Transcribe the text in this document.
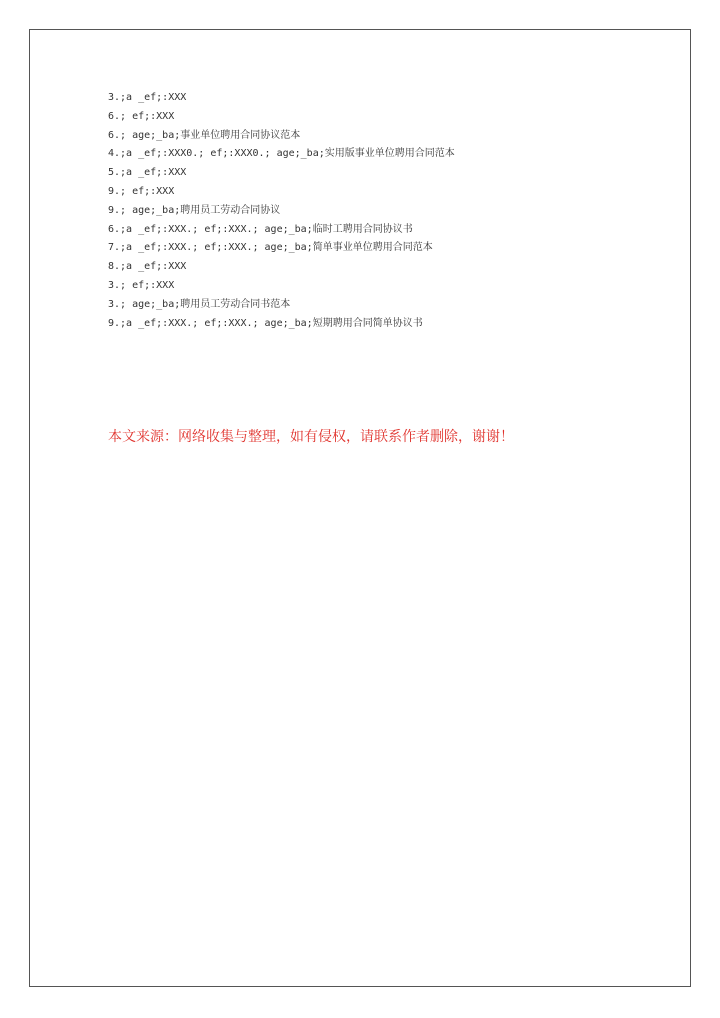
3.;a _ef;:XXX
6.; ef;:XXX
6.; age;_ba;事业单位聘用合同协议范本
4.;a _ef;:XXX0.; ef;:XXX0.; age;_ba;实用版事业单位聘用合同范本
5.;a _ef;:XXX
9.; ef;:XXX
9.; age;_ba;聘用员工劳动合同协议
6.;a _ef;:XXX.; ef;:XXX.; age;_ba;临时工聘用合同协议书
7.;a _ef;:XXX.; ef;:XXX.; age;_ba;简单事业单位聘用合同范本
8.;a _ef;:XXX
3.; ef;:XXX
3.; age;_ba;聘用员工劳动合同书范本
9.;a _ef;:XXX.; ef;:XXX.; age;_ba;短期聘用合同简单协议书
本文来源：网络收集与整理，如有侵权，请联系作者删除，谢谢！
